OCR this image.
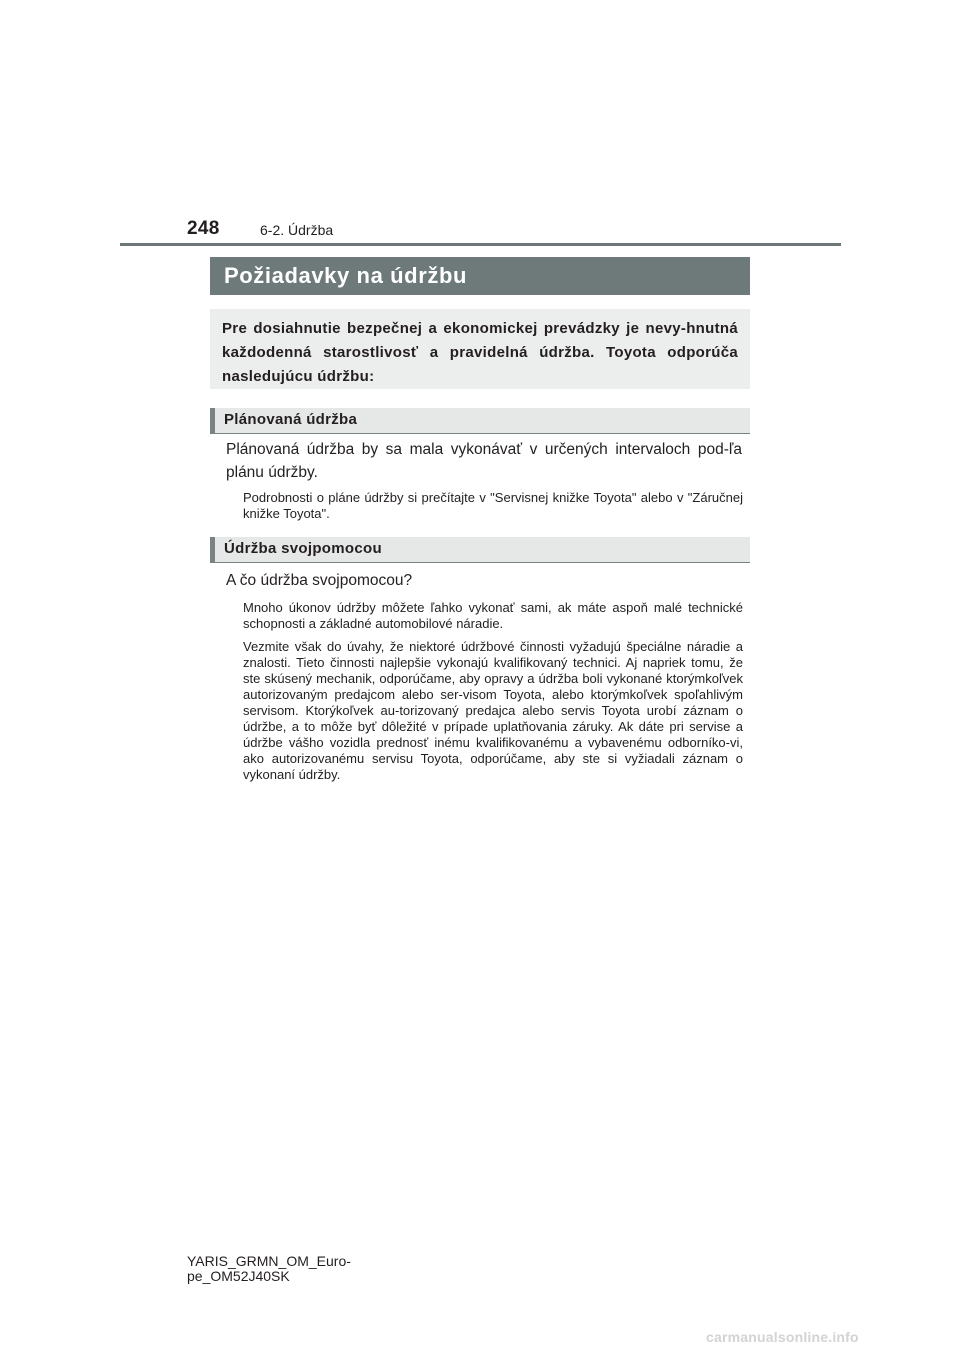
248	6-2. Údržba
Požiadavky na údržbu

Pre dosiahnutie bezpečnej a ekonomickej prevádzky je nevy-hnutná každodenná starostlivosť a pravidelná údržba. Toyota odporúča nasledujúcu údržbu:

Plánovaná údržba

Plánovaná údržba by sa mala vykonávať v určených intervaloch pod-ľa plánu údržby.

Podrobnosti o pláne údržby si prečítajte v "Servisnej knižke Toyota" alebo v "Záručnej knižke Toyota".

Údržba svojpomocou

A čo údržba svojpomocou?

Mnoho úkonov údržby môžete ľahko vykonať sami, ak máte aspoň malé technické schopnosti a základné automobilové náradie.

Vezmite však do úvahy, že niektoré údržbové činnosti vyžadujú špeciálne náradie a znalosti. Tieto činnosti najlepšie vykonajú kvalifikovaný technici. Aj napriek tomu, že ste skúsený mechanik, odporúčame, aby opravy a údržba boli vykonané ktorýmkoľvek autorizovaným predajcom alebo ser-visom Toyota, alebo ktorýmkoľvek spoľahlivým servisom. Ktorýkoľvek au-torizovaný predajca alebo servis Toyota urobí záznam o údržbe, a to môže byť dôležité v prípade uplatňovania záruky. Ak dáte pri servise a údržbe vášho vozidla prednosť inému kvalifikovanému a vybavenému odborníko-vi, ako autorizovanému servisu Toyota, odporúčame, aby ste si vyžiadali záznam o vykonaní údržby.

YARIS_GRMN_OM_Euro-
pe_OM52J40SK

carmanualsonline.info
